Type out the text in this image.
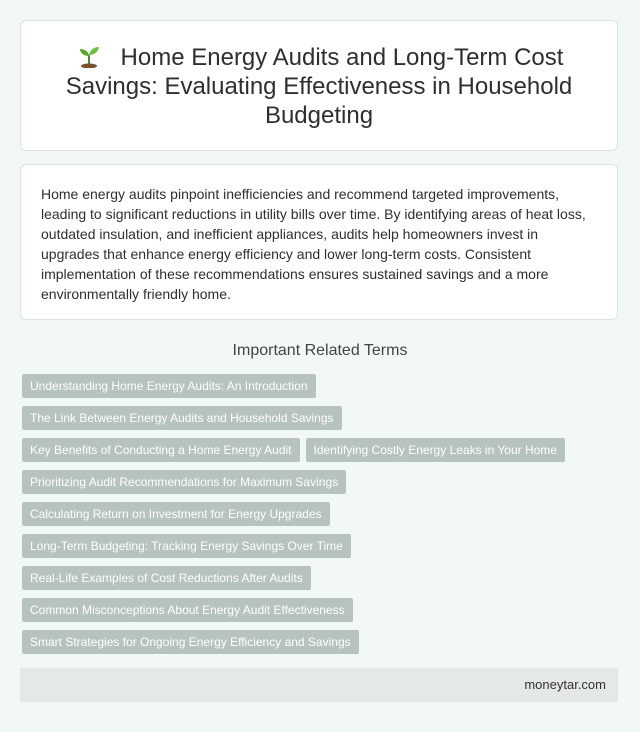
Home Energy Audits and Long-Term Cost Savings: Evaluating Effectiveness in Household Budgeting

Home energy audits pinpoint inefficiencies and recommend targeted improvements, leading to significant reductions in utility bills over time. By identifying areas of heat loss, outdated insulation, and inefficient appliances, audits help homeowners invest in upgrades that enhance energy efficiency and lower long-term costs. Consistent implementation of these recommendations ensures sustained savings and a more environmentally friendly home.

Important Related Terms
Understanding Home Energy Audits: An Introduction
The Link Between Energy Audits and Household Savings
Key Benefits of Conducting a Home Energy Audit	Identifying Costly Energy Leaks in Your Home
Prioritizing Audit Recommendations for Maximum Savings
Calculating Return on Investment for Energy Upgrades
Long-Term Budgeting: Tracking Energy Savings Over Time
Real-Life Examples of Cost Reductions After Audits
Common Misconceptions About Energy Audit Effectiveness
Smart Strategies for Ongoing Energy Efficiency and Savings
moneytar.com
